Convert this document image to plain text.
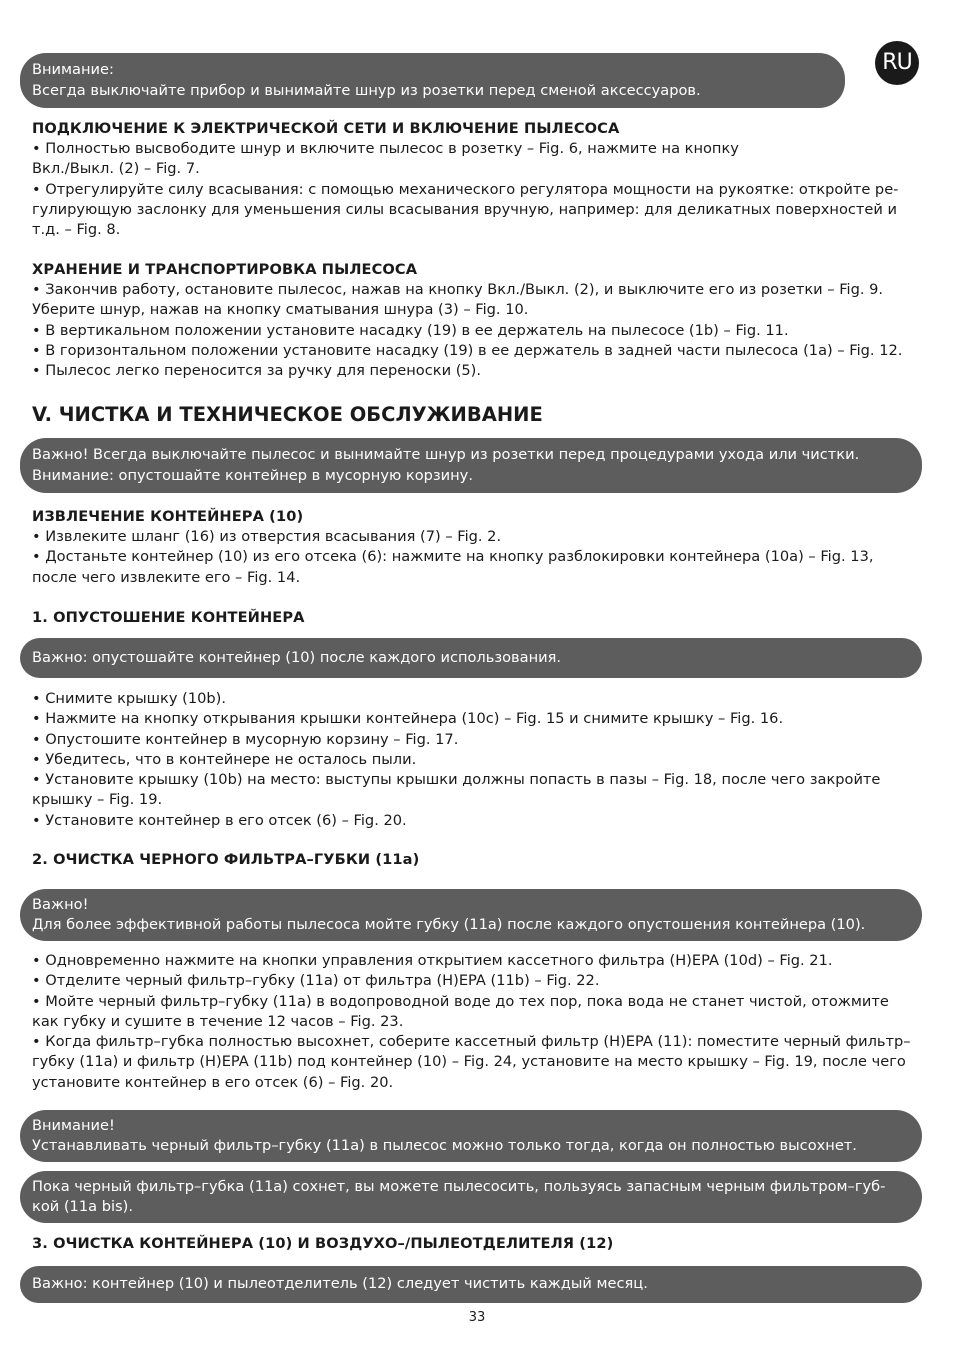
RU

Внимание:

Всегда выключайте прибор и вынимайте шнур из розетки перед сменой аксессуаров.

ПОДКЛЮЧЕНИЕ К ЭЛЕКТРИЧЕСКОЙ СЕТИ И ВКЛЮЧЕНИЕ ПЫЛЕСОСА

• Полностью высвободите шнур и включите пылесос в розетку – Fig. 6, нажмите на кнопку

Вкл./Выкл. (2) – Fig. 7.

• Отрегулируйте силу всасывания: с помощью механического регулятора мощности на рукоятке: откройте ре-

гулирующую заслонку для уменьшения силы всасывания вручную, например: для деликатных поверхностей и

т.д. – Fig. 8.

ХРАНЕНИЕ И ТРАНСПОРТИРОВКА ПЫЛЕСОСА

• Закончив работу, остановите пылесос, нажав на кнопку Вкл./Выкл. (2), и выключите его из розетки – Fig. 9.

Уберите шнур, нажав на кнопку сматывания шнура (3) – Fig. 10.

• В вертикальном положении установите насадку (19) в ее держатель на пылесосе (1b) – Fig. 11.

• В горизонтальном положении установите насадку (19) в ее держатель в задней части пылесоса (1a) – Fig. 12.

• Пылесос легко переносится за ручку для переноски (5).

V. ЧИСТКА И ТЕХНИЧЕСКОЕ ОБСЛУЖИВАНИЕ

Важно! Всегда выключайте пылесос и вынимайте шнур из розетки перед процедурами ухода или чистки.

Внимание: опустошайте контейнер в мусорную корзину.

ИЗВЛЕЧЕНИЕ КОНТЕЙНЕРА (10)

• Извлеките шланг (16) из отверстия всасывания (7) – Fig. 2.

• Достаньте контейнер (10) из его отсека (6): нажмите на кнопку разблокировки контейнера (10a) – Fig. 13,

после чего извлеките его – Fig. 14.

1. ОПУСТОШЕНИЕ КОНТЕЙНЕРА

Важно: опустошайте контейнер (10) после каждого использования.

• Снимите крышку (10b).

• Нажмите на кнопку открывания крышки контейнера (10c) – Fig. 15 и снимите крышку – Fig. 16.

• Опустошите контейнер в мусорную корзину – Fig. 17.

• Убедитесь, что в контейнере не осталось пыли.

• Установите крышку (10b) на место: выступы крышки должны попасть в пазы – Fig. 18, после чего закройте

крышку – Fig. 19.

• Установите контейнер в его отсек (6) – Fig. 20.

2. ОЧИСТКА ЧЕРНОГО ФИЛЬТРА–ГУБКИ (11a)

Важно!

Для более эффективной работы пылесоса мойте губку (11a) после каждого опустошения контейнера (10).

• Одновременно нажмите на кнопки управления открытием кассетного фильтра (H)EPA (10d) – Fig. 21.

• Отделите черный фильтр–губку (11a) от фильтра (H)EPA (11b) – Fig. 22.

• Мойте черный фильтр–губку (11a) в водопроводной воде до тех пор, пока вода не станет чистой, отожмите

как губку и сушите в течение 12 часов – Fig. 23.

• Когда фильтр–губка полностью высохнет, соберите кассетный фильтр (H)EPA (11): поместите черный фильтр–

губку (11a) и фильтр (H)EPA (11b) под контейнер (10) – Fig. 24, установите на место крышку – Fig. 19, после чего

установите контейнер в его отсек (6) – Fig. 20.

Внимание!

Устанавливать черный фильтр–губку (11a) в пылесос можно только тогда, когда он полностью высохнет.

Пока черный фильтр–губка (11a) сохнет, вы можете пылесосить, пользуясь запасным черным фильтром–губ-

кой (11a bis).

3. ОЧИСТКА КОНТЕЙНЕРА (10) И ВОЗДУХО–/ПЫЛЕОТДЕЛИТЕЛЯ (12)

Важно: контейнер (10) и пылеотделитель (12) следует чистить каждый месяц.

33
